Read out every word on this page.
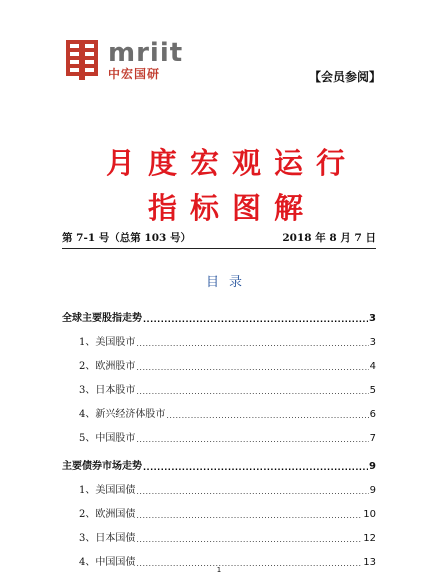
mriit
中宏国研	【会员参阅】
月度宏观运行
指标图解
第 7-1 号（总第 103 号）	2018 年 8 月 7 日
目录
全球主要股指走势 .....	3
1、美国股市 .....	3
2、欧洲股市 .....	4
3、日本股市 .....	5
4、新兴经济体股市 .....	6
5、中国股市 .....	7
主要债券市场走势 .....	9
1、美国国债 .....	9
2、欧洲国债 .....	10
3、日本国债 .....	12
4、中国国债 .....	13
1
